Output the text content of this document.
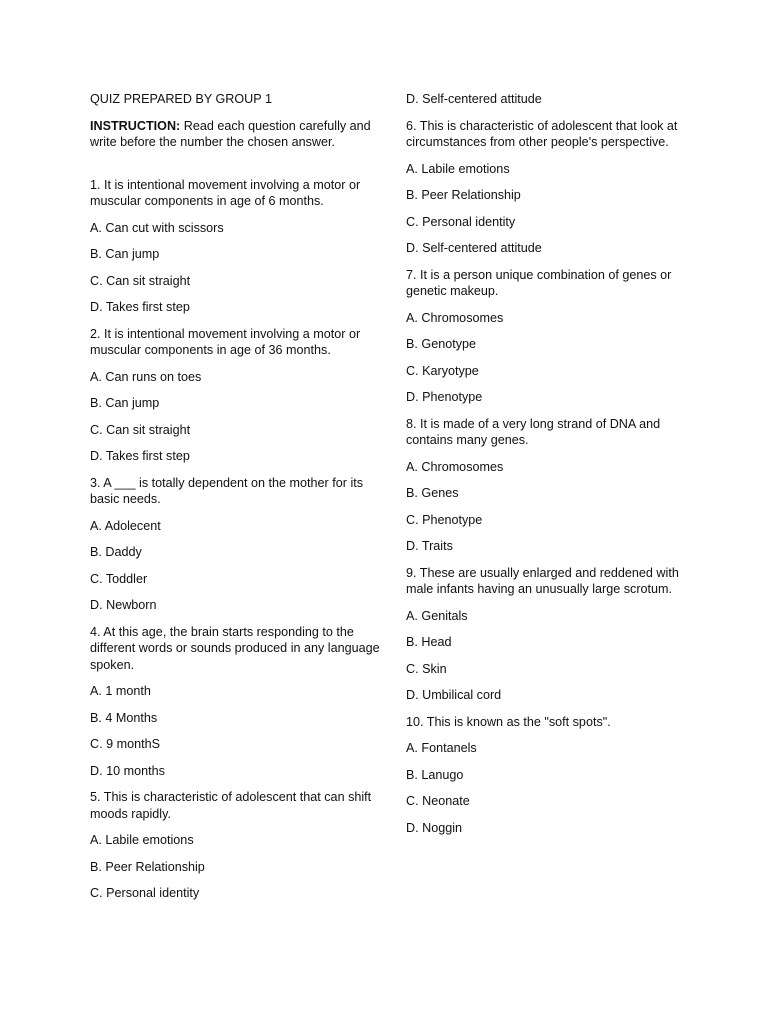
QUIZ PREPARED BY GROUP 1

INSTRUCTION: Read each question carefully and write before the number the chosen answer.

1. It is intentional movement involving a motor or muscular components in age of 6 months.

A. Can cut with scissors

B. Can jump

C. Can sit straight

D. Takes first step

2. It is intentional movement involving a motor or muscular components in age of 36 months.

A. Can runs on toes

B. Can jump

C. Can sit straight

D. Takes first step

3. A ___ is totally dependent on the mother for its basic needs.

A. Adolecent

B. Daddy

C. Toddler

D. Newborn

4. At this age, the brain starts responding to the different words or sounds produced in any language spoken.

A. 1 month

B. 4 Months

C. 9 monthS

D. 10 months

5. This is characteristic of adolescent that can shift moods rapidly.

A. Labile emotions

B. Peer Relationship

C. Personal identity

D. Self-centered attitude

6. This is characteristic of adolescent that look at circumstances from other people's perspective.

A. Labile emotions

B. Peer Relationship

C. Personal identity

D. Self-centered attitude

7. It is a person unique combination of genes or genetic makeup.

A. Chromosomes

B. Genotype

C. Karyotype

D. Phenotype

8. It is made of a very long strand of DNA and contains many genes.

A. Chromosomes

B. Genes

C. Phenotype

D. Traits

9. These are usually enlarged and reddened with male infants having an unusually large scrotum.

A. Genitals

B. Head

C. Skin

D. Umbilical cord

10. This is known as the "soft spots".

A. Fontanels

B. Lanugo

C. Neonate

D. Noggin
